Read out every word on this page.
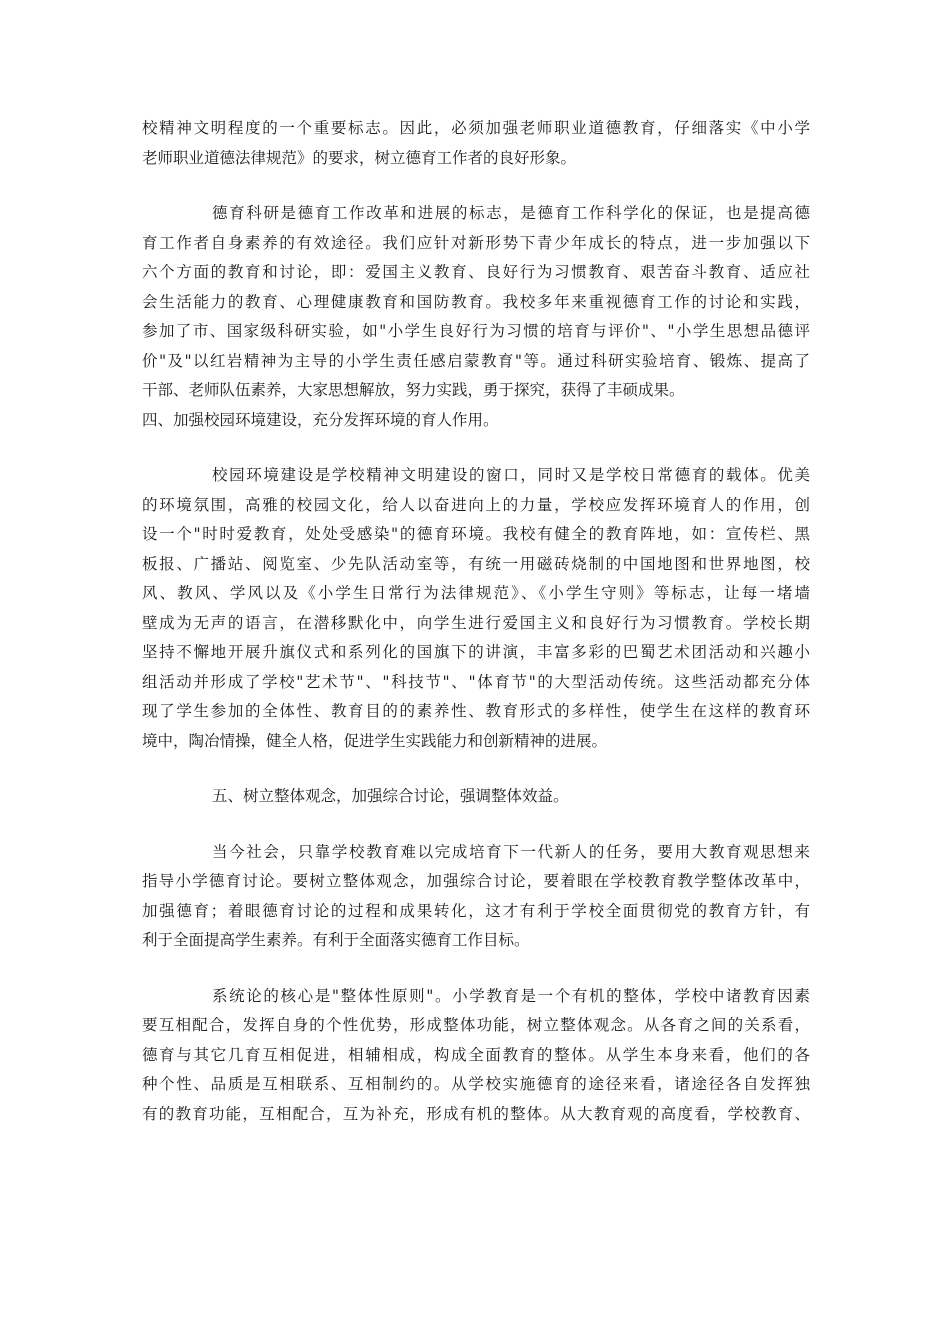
校精神文明程度的一个重要标志。因此，必须加强老师职业道德教育，仔细落实《中小学
老师职业道德法律规范》的要求，树立德育工作者的良好形象。
德育科研是德育工作改革和进展的标志，是德育工作科学化的保证，也是提高德
育工作者自身素养的有效途径。我们应针对新形势下青少年成长的特点，进一步加强以下
六个方面的教育和讨论，即：爱国主义教育、良好行为习惯教育、艰苦奋斗教育、适应社
会生活能力的教育、心理健康教育和国防教育。我校多年来重视德育工作的讨论和实践，
参加了市、国家级科研实验，如"小学生良好行为习惯的培育与评价"、"小学生思想品德评
价"及"以红岩精神为主导的小学生责任感启蒙教育"等。通过科研实验培育、锻炼、提高了
干部、老师队伍素养，大家思想解放，努力实践，勇于探究，获得了丰硕成果。
四、加强校园环境建设，充分发挥环境的育人作用。
校园环境建设是学校精神文明建设的窗口，同时又是学校日常德育的载体。优美
的环境氛围，高雅的校园文化，给人以奋进向上的力量，学校应发挥环境育人的作用，创
设一个"时时爱教育，处处受感染"的德育环境。我校有健全的教育阵地，如：宣传栏、黑
板报、广播站、阅览室、少先队活动室等，有统一用磁砖烧制的中国地图和世界地图，校
风、教风、学风以及《小学生日常行为法律规范》、《小学生守则》等标志，让每一堵墙
壁成为无声的语言，在潜移默化中，向学生进行爱国主义和良好行为习惯教育。学校长期
坚持不懈地开展升旗仪式和系列化的国旗下的讲演，丰富多彩的巴蜀艺术团活动和兴趣小
组活动并形成了学校"艺术节"、"科技节"、"体育节"的大型活动传统。这些活动都充分体
现了学生参加的全体性、教育目的的素养性、教育形式的多样性，使学生在这样的教育环
境中，陶冶情操，健全人格，促进学生实践能力和创新精神的进展。
五、树立整体观念，加强综合讨论，强调整体效益。
当今社会，只靠学校教育难以完成培育下一代新人的任务，要用大教育观思想来
指导小学德育讨论。要树立整体观念，加强综合讨论，要着眼在学校教育教学整体改革中，
加强德育；着眼德育讨论的过程和成果转化，这才有利于学校全面贯彻党的教育方针，有
利于全面提高学生素养。有利于全面落实德育工作目标。
系统论的核心是"整体性原则"。小学教育是一个有机的整体，学校中诸教育因素
要互相配合，发挥自身的个性优势，形成整体功能，树立整体观念。从各育之间的关系看，
德育与其它几育互相促进，相辅相成，构成全面教育的整体。从学生本身来看，他们的各
种个性、品质是互相联系、互相制约的。从学校实施德育的途径来看，诸途径各自发挥独
有的教育功能，互相配合，互为补充，形成有机的整体。从大教育观的高度看，学校教育、
